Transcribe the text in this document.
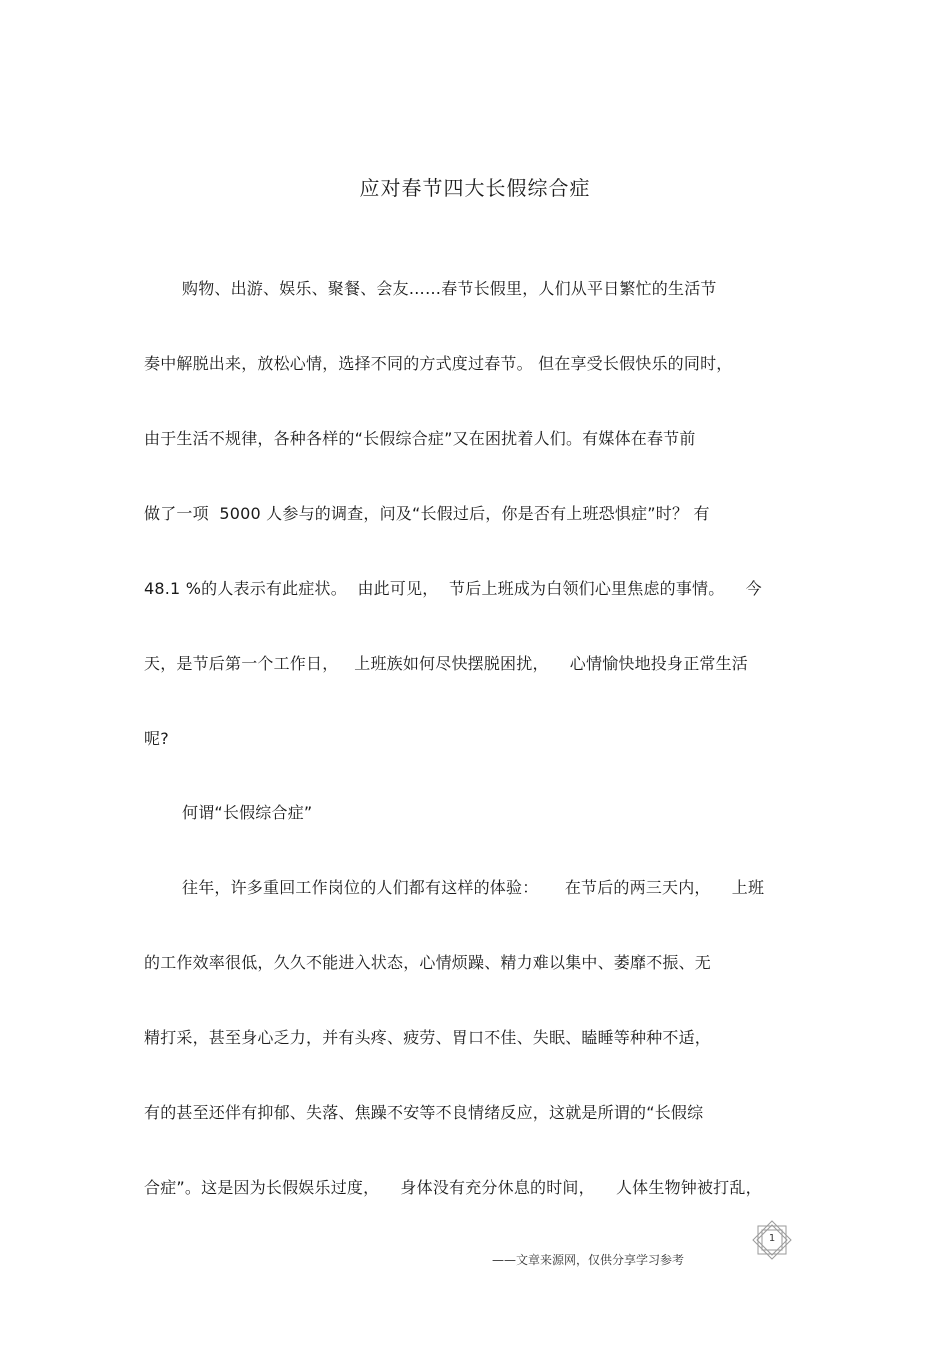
应对春节四大长假综合症
购物、出游、娱乐、聚餐、会友……春节长假里，人们从平日繁忙的生活节
奏中解脱出来，放松心情，选择不同的方式度过春节。 但在享受长假快乐的同时，
由于生活不规律，各种各样的“长假综合症”又在困扰着人们。有媒体在春节前
做了一项  5000 人参与的调查，问及“长假过后，你是否有上班恐惧症”时？ 有
48.1 %的人表示有此症状。  由此可见，  节后上班成为白领们心里焦虑的事情。    今
天，是节后第一个工作日，   上班族如何尽快摆脱困扰，    心情愉快地投身正常生活
呢?
何谓“长假综合症”
往年，许多重回工作岗位的人们都有这样的体验：     在节后的两三天内，    上班
的工作效率很低，久久不能进入状态，心情烦躁、精力难以集中、萎靡不振、无
精打采，甚至身心乏力，并有头疼、疲劳、胃口不佳、失眠、瞌睡等种种不适，
有的甚至还伴有抑郁、失落、焦躁不安等不良情绪反应，这就是所谓的“长假综
合症”。这是因为长假娱乐过度，    身体没有充分休息的时间，    人体生物钟被打乱，
——文章来源网，仅供分享学习参考
1
